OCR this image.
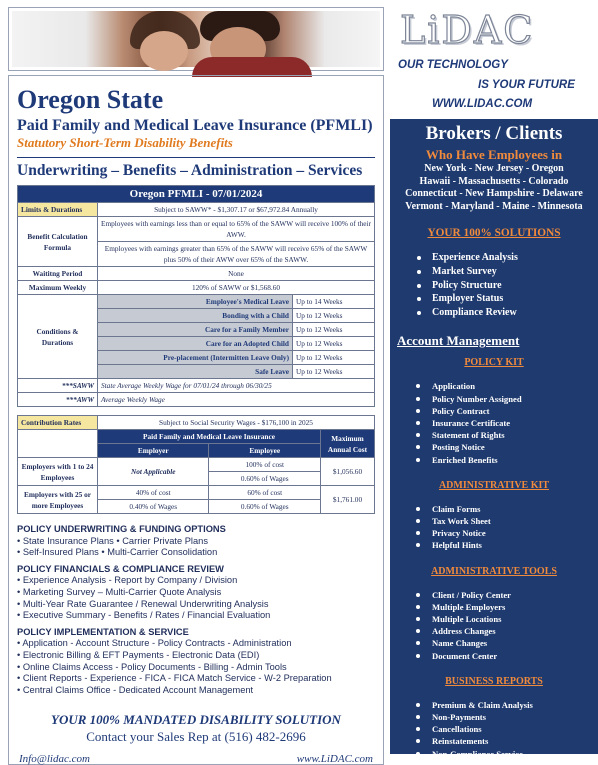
Oregon State
Paid Family and Medical Leave Insurance (PFMLI)
Statutory Short-Term Disability Benefits
Underwriting – Benefits – Administration – Services
Oregon PFMLI - 07/01/2024		
Limits & Durations	Subject to SAWW* - $1,307.17 or $67,972.84 Annually	
Benefit Calculation Formula	Employees with earnings less than or equal to 65% of the SAWW will receive 100% of their AWW.	
	Employees with earnings greater than 65% of the SAWW will receive 65% of the SAWW plus 50% of their AWW over 65% of the SAWW.	
Waititng Period	None	
Maximum Weekly	120% of SAWW or $1,568.60	
Conditions & Durations	Employee's Medical Leave	Up to 14 Weeks
	Bonding with a Child	Up to 12 Weeks
	Care for a Family Member	Up to 12 Weeks
	Care for an Adopted Child	Up to 12 Weeks
	Pre-placement (Intermitten Leave Only)	Up to 12 Weeks
	Safe Leave	Up to 12 Weeks
***SAWW	State Average Weekly Wage for 07/01/24 through 06/30/25	
***AWW	Average Weekly Wage	
Contribution Rates	Subject to Social Security Wages - $176,100 in 2025		
	Paid Family and Medical Leave Insurance		Maximum Annual Cost
	Employer	Employee	
Employers with 1 to 24 Employees	Not Applicable	100% of cost	$1,056.60
		0.60% of Wages	
Employers with 25 or more Employees	40% of cost	60% of cost	$1,761.00
	0.40% of Wages	0.60% of Wages	
POLICY UNDERWRITING & FUNDING OPTIONS
• State Insurance Plans • Carrier Private Plans
• Self-Insured Plans • Multi-Carrier Consolidation
POLICY FINANCIALS & COMPLIANCE REVIEW
• Experience Analysis - Report by Company / Division
• Marketing Survey – Multi-Carrier Quote Analysis
• Multi-Year Rate Guarantee / Renewal Underwriting Analysis
• Executive Summary - Benefits / Rates / Financial Evaluation
POLICY IMPLEMENTATION & SERVICE
• Application - Account Structure - Policy Contracts - Administration
• Electronic Billing & EFT Payments - Electronic Data (EDI)
• Online Claims Access - Policy Documents - Billing - Admin Tools
• Client Reports - Experience - FICA - FICA Match Service - W-2 Preparation
• Central Claims Office - Dedicated Account Management
YOUR 100% MANDATED DISABILITY SOLUTION
Contact your Sales Rep at (516) 482-2696
Info@lidac.com	www.LiDAC.com
LiDAC
OUR TECHNOLOGY
IS YOUR FUTURE
WWW.LIDAC.COM
Brokers / Clients
Who Have Employees in
New York - New Jersey - Oregon
Hawaii - Massachusetts - Colorado
Connecticut - New Hampshire - Delaware
Vermont - Maryland - Maine - Minnesota
YOUR 100% SOLUTIONS
Experience Analysis
Market Survey
Policy Structure
Employer Status
Compliance Review
Account Management
POLICY KIT
Application
Policy Number Assigned
Policy Contract
Insurance Certificate
Statement of Rights
Posting Notice
Enriched Benefits
ADMINISTRATIVE KIT
Claim Forms
Tax Work Sheet
Privacy Notice
Helpful Hints
ADMINISTRATIVE TOOLS
Client / Policy Center
Multiple Employers
Multiple Locations
Address Changes
Name Changes
Document Center
BUSINESS REPORTS
Premium & Claim Analysis
Non-Payments
Cancellations
Reinstatements
Non-Compliance Service
